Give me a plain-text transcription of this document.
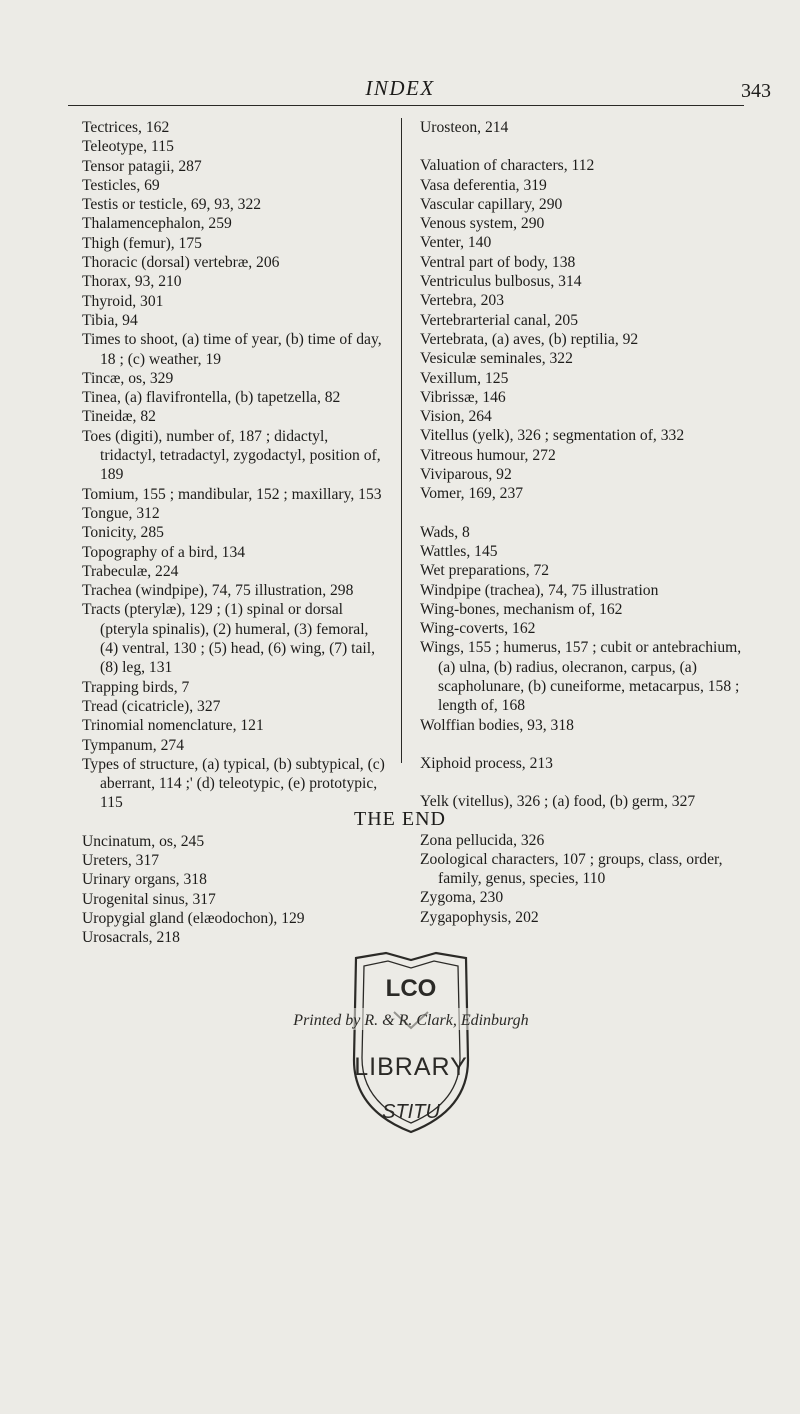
INDEX	343
Tectrices, 162
Teleotype, 115
Tensor patagii, 287
Testicles, 69
Testis or testicle, 69, 93, 322
Thalamencephalon, 259
Thigh (femur), 175
Thoracic (dorsal) vertebræ, 206
Thorax, 93, 210
Thyroid, 301
Tibia, 94
Times to shoot, (a) time of year, (b) time of day, 18 ; (c) weather, 19
Tincæ, os, 329
Tinea, (a) flavifrontella, (b) tapetzella, 82
Tineidæ, 82
Toes (digiti), number of, 187 ; didactyl, tridactyl, tetradactyl, zygodactyl, position of, 189
Tomium, 155 ; mandibular, 152 ; maxillary, 153
Tongue, 312
Tonicity, 285
Topography of a bird, 134
Trabeculæ, 224
Trachea (windpipe), 74, 75 illustration, 298
Tracts (pterylæ), 129 ; (1) spinal or dorsal (pteryla spinalis), (2) humeral, (3) femoral, (4) ventral, 130 ; (5) head, (6) wing, (7) tail, (8) leg, 131
Trapping birds, 7
Tread (cicatricle), 327
Trinomial nomenclature, 121
Tympanum, 274
Types of structure, (a) typical, (b) subtypical, (c) aberrant, 114 ;' (d) teleotypic, (e) prototypic, 115
Uncinatum, os, 245
Ureters, 317
Urinary organs, 318
Urogenital sinus, 317
Uropygial gland (elæodochon), 129
Urosacrals, 218
Urosteon, 214
Valuation of characters, 112
Vasa deferentia, 319
Vascular capillary, 290
Venous system, 290
Venter, 140
Ventral part of body, 138
Ventriculus bulbosus, 314
Vertebra, 203
Vertebrarterial canal, 205
Vertebrata, (a) aves, (b) reptilia, 92
Vesiculæ seminales, 322
Vexillum, 125
Vibrissæ, 146
Vision, 264
Vitellus (yelk), 326 ; segmentation of, 332
Vitreous humour, 272
Viviparous, 92
Vomer, 169, 237
Wads, 8
Wattles, 145
Wet preparations, 72
Windpipe (trachea), 74, 75 illustration
Wing-bones, mechanism of, 162
Wing-coverts, 162
Wings, 155 ; humerus, 157 ; cubit or antebrachium, (a) ulna, (b) radius, olecranon, carpus, (a) scapholunare, (b) cuneiforme, metacarpus, 158 ; length of, 168
Wolffian bodies, 93, 318
Xiphoid process, 213
Yelk (vitellus), 326 ; (a) food, (b) germ, 327
Zona pellucida, 326
Zoological characters, 107 ; groups, class, order, family, genus, species, 110
Zygoma, 230
Zygapophysis, 202
THE END
LCO
LIBRARY
STITU
Printed by R. & R. Clark, Edinburgh
